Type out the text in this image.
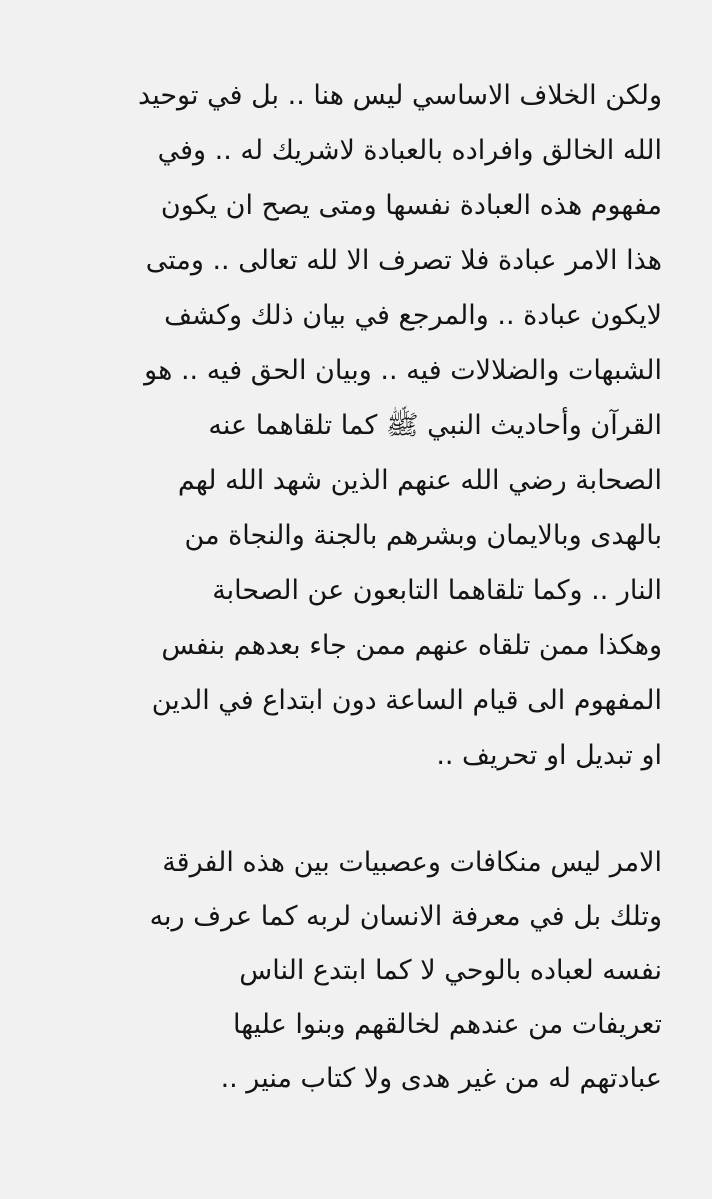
ولكن الخلاف الاساسي ليس هنا .. بل في توحيد
الله الخالق وافراده بالعبادة لاشريك له .. وفي
مفهوم هذه العبادة نفسها ومتى يصح ان يكون
هذا الامر عبادة فلا تصرف الا لله تعالى .. ومتى
لايكون عبادة .. والمرجع في بيان ذلك وكشف
الشبهات والضلالات فيه .. وبيان الحق فيه .. هو
القرآن وأحاديث النبي ﷺ كما تلقاهما عنه
الصحابة رضي الله عنهم الذين شهد الله لهم
بالهدى وبالايمان وبشرهم بالجنة والنجاة من
النار .. وكما تلقاهما التابعون عن الصحابة
وهكذا ممن تلقاه عنهم ممن جاء بعدهم بنفس
المفهوم الى قيام الساعة دون ابتداع في الدين
او تبديل او تحريف ..
الامر ليس منكافات وعصبيات بين هذه الفرقة
وتلك بل في معرفة الانسان لربه كما عرف ربه
نفسه لعباده بالوحي لا كما ابتدع الناس
تعريفات من عندهم لخالقهم وبنوا عليها
عبادتهم له من غير هدى ولا كتاب منير ..
